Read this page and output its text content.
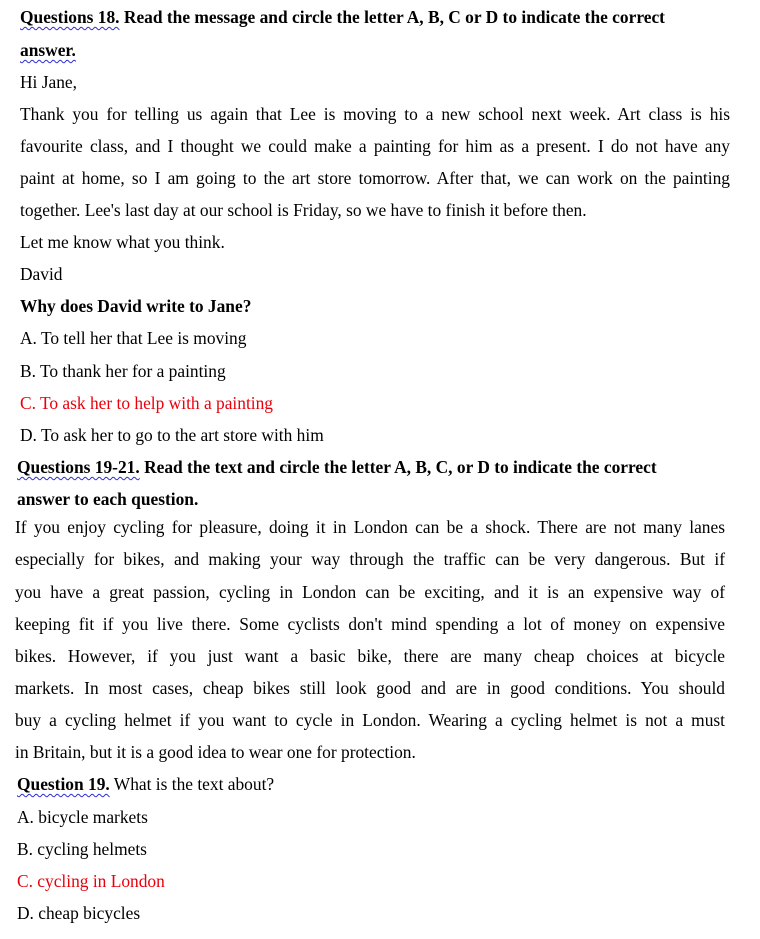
Questions 18. Read the message and circle the letter A, B, C or D to indicate the correct
answer.
Hi Jane,
Thank you for telling us again that Lee is moving to a new school next week. Art class is his
favourite class, and I thought we could make a painting for him as a present. I do not have any
paint at home, so I am going to the art store tomorrow. After that, we can work on the painting
together. Lee's last day at our school is Friday, so we have to finish it before then.
Let me know what you think.
David
Why does David write to Jane?
A. To tell her that Lee is moving
B. To thank her for a painting
C. To ask her to help with a painting
D. To ask her to go to the art store with him
Questions 19-21. Read the text and circle the letter A, B, C, or D to indicate the correct
answer to each question.
If you enjoy cycling for pleasure, doing it in London can be a shock. There are not many lanes
especially for bikes, and making your way through the traffic can be very dangerous. But if
you have a great passion, cycling in London can be exciting, and it is an expensive way of
keeping fit if you live there. Some cyclists don't mind spending a lot of money on expensive
bikes. However, if you just want a basic bike, there are many cheap choices at bicycle
markets. In most cases, cheap bikes still look good and are in good conditions. You should
buy a cycling helmet if you want to cycle in London. Wearing a cycling helmet is not a must
in Britain, but it is a good idea to wear one for protection.
Question 19. What is the text about?
A. bicycle markets
B. cycling helmets
C. cycling in London
D. cheap bicycles
